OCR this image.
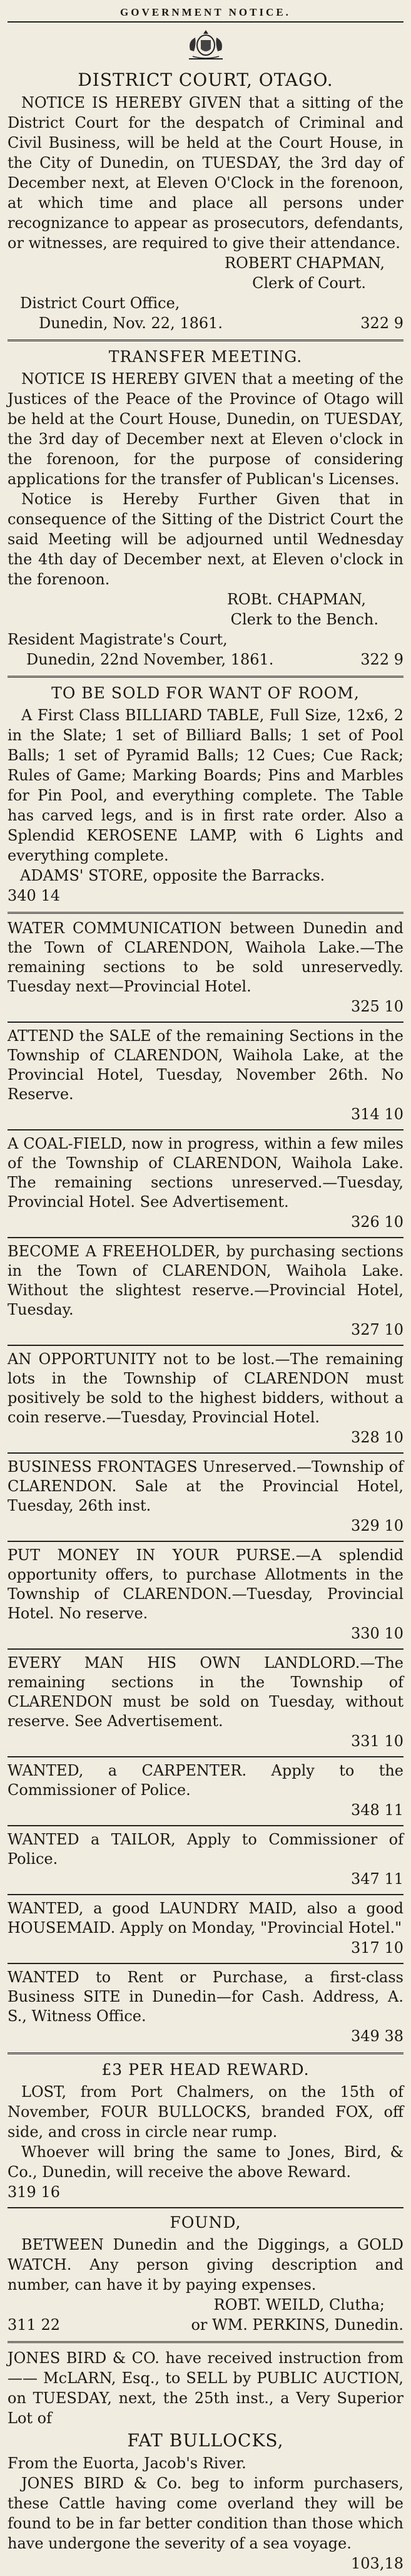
GOVERNMENT NOTICE.
DISTRICT COURT, OTAGO.

NOTICE IS HEREBY GIVEN that a sitting of the District Court for the despatch of Criminal and Civil Business, will be held at the Court House, in the City of Dunedin, on TUESDAY, the 3rd day of December next, at Eleven O'Clock in the forenoon, at which time and place all persons under recognizance to appear as prosecutors, defendants, or witnesses, are required to give their attendance.

ROBERT CHAPMAN,
Clerk of Court.
District Court Office,
Dunedin, Nov. 22, 1861.	322 9
TRANSFER MEETING.

NOTICE IS HEREBY GIVEN that a meeting of the Justices of the Peace of the Province of Otago will be held at the Court House, Dunedin, on TUESDAY, the 3rd day of December next at Eleven o'clock in the forenoon, for the purpose of considering applications for the transfer of Publican's Licenses.

Notice is Hereby Further Given that in consequence of the Sitting of the District Court the said Meeting will be adjourned until Wednesday the 4th day of December next, at Eleven o'clock in the forenoon.

ROBt. CHAPMAN,
Clerk to the Bench.
Resident Magistrate's Court,
Dunedin, 22nd November, 1861.	322 9
TO BE SOLD FOR WANT OF ROOM,

A First Class BILLIARD TABLE, Full Size, 12x6, 2 in the Slate; 1 set of Billiard Balls; 1 set of Pool Balls; 1 set of Pyramid Balls; 12 Cues; Cue Rack; Rules of Game; Marking Boards; Pins and Marbles for Pin Pool, and everything complete. The Table has carved legs, and is in first rate order. Also a Splendid KEROSENE LAMP, with 6 Lights and everything complete.

ADAMS' STORE, opposite the Barracks.
340 14

WATER COMMUNICATION between Dunedin and the Town of CLARENDON, Waihola Lake.—The remaining sections to be sold unreservedly. Tuesday next—Provincial Hotel.

325 10

ATTEND the SALE of the remaining Sections in the Township of CLARENDON, Waihola Lake, at the Provincial Hotel, Tuesday, November 26th. No Reserve.

314 10

A COAL-FIELD, now in progress, within a few miles of the Township of CLARENDON, Waihola Lake. The remaining sections unreserved.—Tuesday, Provincial Hotel. See Advertisement.

326 10

BECOME A FREEHOLDER, by purchasing sections in the Town of CLARENDON, Waihola Lake. Without the slightest reserve.—Provincial Hotel, Tuesday.

327 10

AN OPPORTUNITY not to be lost.—The remaining lots in the Township of CLARENDON must positively be sold to the highest bidders, without a coin reserve.—Tuesday, Provincial Hotel.

328 10

BUSINESS FRONTAGES Unreserved.—Township of CLARENDON. Sale at the Provincial Hotel, Tuesday, 26th inst.

329 10

PUT MONEY IN YOUR PURSE.—A splendid opportunity offers, to purchase Allotments in the Township of CLARENDON.—Tuesday, Provincial Hotel. No reserve.

330 10

EVERY MAN HIS OWN LANDLORD.—The remaining sections in the Township of CLARENDON must be sold on Tuesday, without reserve. See Advertisement.

331 10

WANTED, a CARPENTER. Apply to the Commissioner of Police.

348 11

WANTED a TAILOR, Apply to Commissioner of Police.

347 11

WANTED, a good LAUNDRY MAID, also a good HOUSEMAID. Apply on Monday, "Provincial Hotel."

317 10

WANTED to Rent or Purchase, a first-class Business SITE in Dunedin—for Cash. Address, A. S., Witness Office.

349 38
£3 PER HEAD REWARD.

LOST, from Port Chalmers, on the 15th of November, FOUR BULLOCKS, branded FOX, off side, and cross in circle near rump.

Whoever will bring the same to Jones, Bird, & Co., Dunedin, will receive the above Reward.

319 16
FOUND,

BETWEEN Dunedin and the Diggings, a GOLD WATCH. Any person giving description and number, can have it by paying expenses.

ROBT. WEILD, Clutha;
311 22	or WM. PERKINS, Dunedin.

JONES BIRD & CO. have received instruction from —— McLARN, Esq., to SELL by PUBLIC AUCTION, on TUESDAY, next, the 25th inst., a Very Superior Lot of

FAT BULLOCKS,
From the Euorta, Jacob's River.

JONES BIRD & Co. beg to inform purchasers, these Cattle having come overland they will be found to be in far better condition than those which have undergone the severity of a sea voyage.

103,18
